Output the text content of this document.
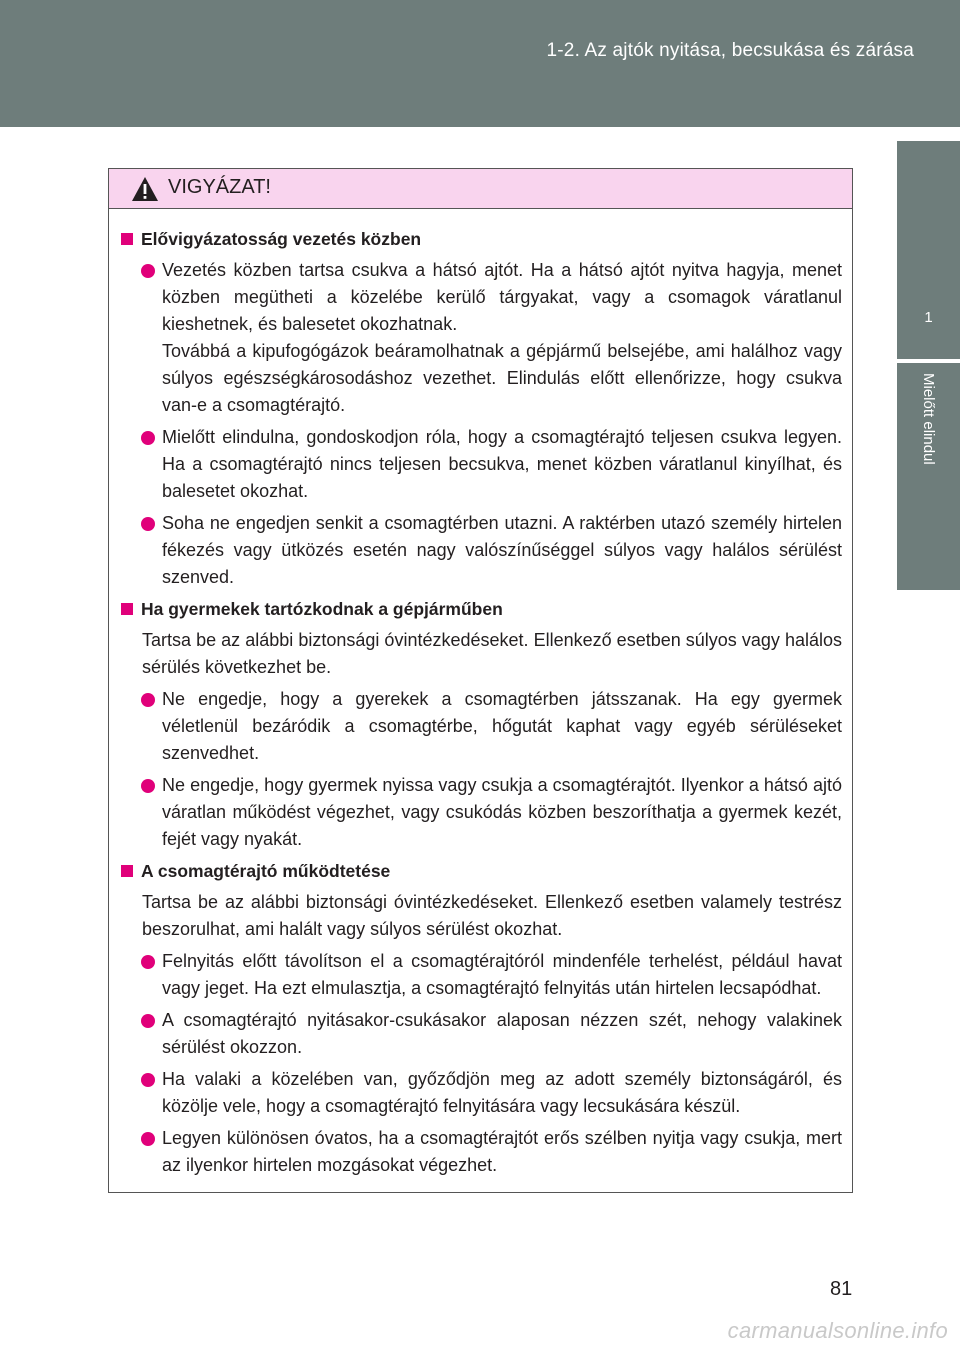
1-2. Az ajtók nyitása, becsukása és zárása
1
Mielőtt elindul
VIGYÁZAT!
Elővigyázatosság vezetés közben

Vezetés közben tartsa csukva a hátsó ajtót. Ha a hátsó ajtót nyitva hagyja, menet közben megütheti a közelébe kerülő tárgyakat, vagy a csomagok váratlanul kieshetnek, és balesetet okozhatnak.

Továbbá a kipufogógázok beáramolhatnak a gépjármű belsejébe, ami halálhoz vagy súlyos egészségkárosodáshoz vezethet. Elindulás előtt ellenőrizze, hogy csukva van-e a csomagtérajtó.

Mielőtt elindulna, gondoskodjon róla, hogy a csomagtérajtó teljesen csukva legyen. Ha a csomagtérajtó nincs teljesen becsukva, menet közben váratlanul kinyílhat, és balesetet okozhat.

Soha ne engedjen senkit a csomagtérben utazni. A raktérben utazó személy hirtelen fékezés vagy ütközés esetén nagy valószínűséggel súlyos vagy halálos sérülést szenved.

Ha gyermekek tartózkodnak a gépjárműben
Tartsa be az alábbi biztonsági óvintézkedéseket. Ellenkező esetben súlyos vagy halálos sérülés következhet be.

Ne engedje, hogy a gyerekek a csomagtérben játsszanak. Ha egy gyermek véletlenül bezáródik a csomagtérbe, hőgutát kaphat vagy egyéb sérüléseket szenvedhet.

Ne engedje, hogy gyermek nyissa vagy csukja a csomagtérajtót. Ilyenkor a hátsó ajtó váratlan működést végezhet, vagy csukódás közben beszoríthatja a gyermek kezét, fejét vagy nyakát.

A csomagtérajtó működtetése
Tartsa be az alábbi biztonsági óvintézkedéseket. Ellenkező esetben valamely testrész beszorulhat, ami halált vagy súlyos sérülést okozhat.

Felnyitás előtt távolítson el a csomagtérajtóról mindenféle terhelést, például havat vagy jeget. Ha ezt elmulasztja, a csomagtérajtó felnyitás után hirtelen lecsapódhat.

A csomagtérajtó nyitásakor-csukásakor alaposan nézzen szét, nehogy valakinek sérülést okozzon.

Ha valaki a közelében van, győződjön meg az adott személy biztonságáról, és közölje vele, hogy a csomagtérajtó felnyitására vagy lecsukására készül.

Legyen különösen óvatos, ha a csomagtérajtót erős szélben nyitja vagy csukja, mert az ilyenkor hirtelen mozgásokat végezhet.

81
carmanualsonline.info
